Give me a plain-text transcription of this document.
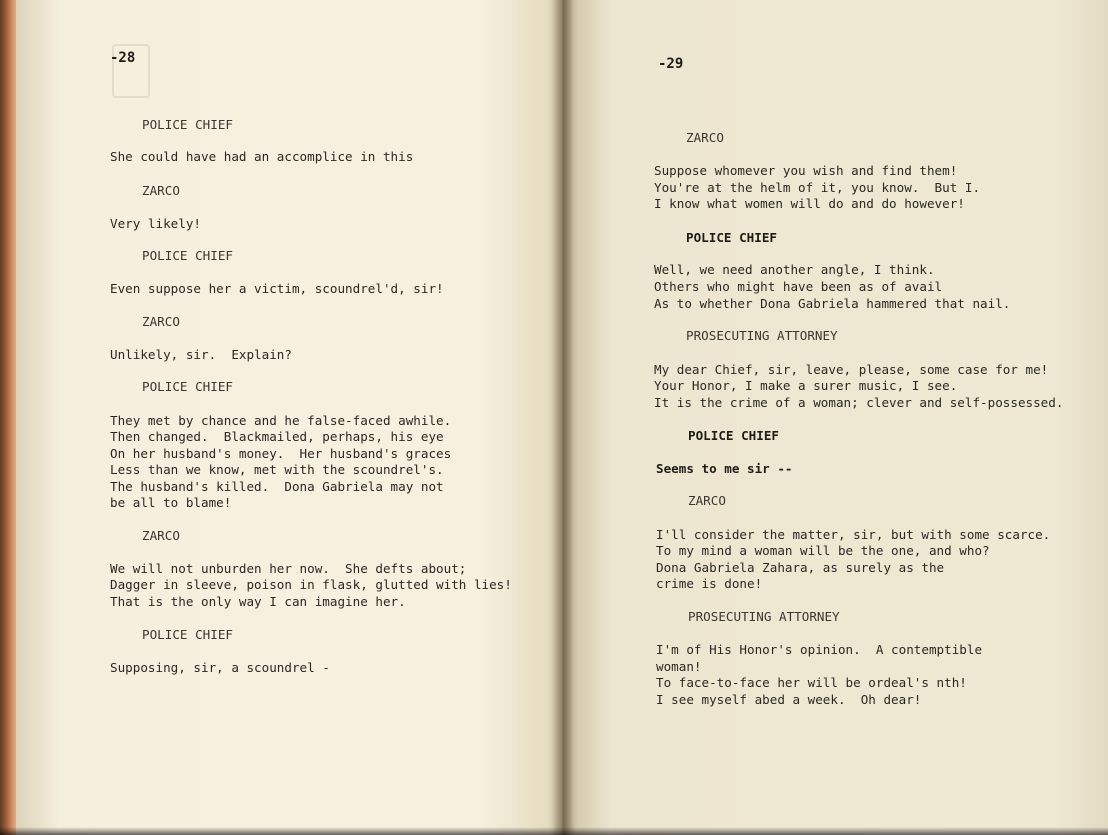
-28

POLICE CHIEF

She could have had an accomplice in this

ZARCO

Very likely!

POLICE CHIEF

Even suppose her a victim, scoundrel'd, sir!

ZARCO

Unlikely, sir.  Explain?

POLICE CHIEF

They met by chance and he false-faced awhile.

Then changed.  Blackmailed, perhaps, his eye

On her husband's money.  Her husband's graces

Less than we know, met with the scoundrel's.

The husband's killed.  Dona Gabriela may not

be all to blame!

ZARCO

We will not unburden her now.  She defts about;

Dagger in sleeve, poison in flask, glutted with lies!

That is the only way I can imagine her.

POLICE CHIEF

Supposing, sir, a scoundrel -

-29

ZARCO

Suppose whomever you wish and find them!

You're at the helm of it, you know.  But I.

I know what women will do and do however!

POLICE CHIEF

Well, we need another angle, I think.

Others who might have been as of avail

As to whether Dona Gabriela hammered that nail.

PROSECUTING ATTORNEY

My dear Chief, sir, leave, please, some case for me!

Your Honor, I make a surer music, I see.

It is the crime of a woman; clever and self-possessed.

POLICE CHIEF

Seems to me sir --

ZARCO

I'll consider the matter, sir, but with some scarce.

To my mind a woman will be the one, and who?

Dona Gabriela Zahara, as surely as the

crime is done!

PROSECUTING ATTORNEY

I'm of His Honor's opinion.  A contemptible

woman!

To face-to-face her will be ordeal's nth!

I see myself abed a week.  Oh dear!
